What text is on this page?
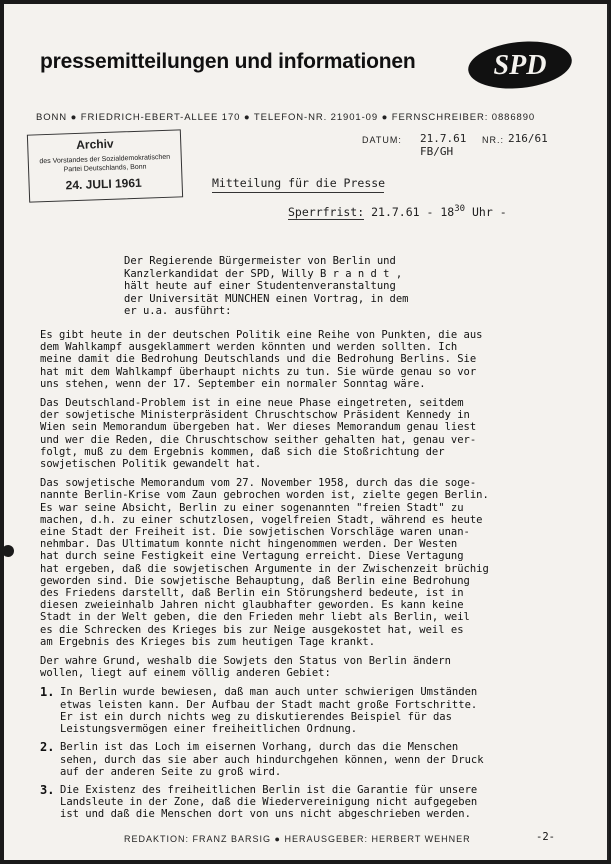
pressemitteilungen und informationen	SPD
BONN ● FRIEDRICH-EBERT-ALLEE 170 ● TELEFON-NR. 21901-09 ● FERNSCHREIBER: 0886890
Archiv
des Vorstandes der Sozialdemokratischen Partei Deutschlands, Bonn
24. JULI 1961
DATUM: 21.7.61 NR.: 216/61
FB/GH
Mitteilung für die Presse
Sperrfrist: $21.7.61 - 18^{30}$ Uhr -
Der Regierende Bürgermeister von Berlin und
Kanzlerkandidat der SPD, Willy B r a n d t ,
hält heute auf einer Studentenveranstaltung
der Universität MÜNCHEN einen Vortrag, in dem
er u.a. ausführt:
Es gibt heute in der deutschen Politik eine Reihe von Punkten, die aus
dem Wahlkampf ausgeklammert werden könnten und werden sollten. Ich
meine damit die Bedrohung Deutschlands und die Bedrohung Berlins. Sie
hat mit dem Wahlkampf überhaupt nichts zu tun. Sie würde genau so vor
uns stehen, wenn der 17. September ein normaler Sonntag wäre.
Das Deutschland-Problem ist in eine neue Phase eingetreten, seitdem
der sowjetische Ministerpräsident Chruschtschow Präsident Kennedy in
Wien sein Memorandum übergeben hat. Wer dieses Memorandum genau liest
und wer die Reden, die Chruschtschow seither gehalten hat, genau ver-
folgt, muß zu dem Ergebnis kommen, daß sich die Stoßrichtung der
sowjetischen Politik gewandelt hat.
Das sowjetische Memorandum vom 27. November 1958, durch das die soge-
nannte Berlin-Krise vom Zaun gebrochen worden ist, zielte gegen Berlin.
Es war seine Absicht, Berlin zu einer sogenannten "freien Stadt" zu
machen, d.h. zu einer schutzlosen, vogelfreien Stadt, während es heute
eine Stadt der Freiheit ist. Die sowjetischen Vorschläge waren unan-
nehmbar. Das Ultimatum konnte nicht hingenommen werden. Der Westen
hat durch seine Festigkeit eine Vertagung erreicht. Diese Vertagung
hat ergeben, daß die sowjetischen Argumente in der Zwischenzeit brüchig
geworden sind. Die sowjetische Behauptung, daß Berlin eine Bedrohung
des Friedens darstellt, daß Berlin ein Störungsherd bedeute, ist in
diesen zweieinhalb Jahren nicht glaubhafter geworden. Es kann keine
Stadt in der Welt geben, die den Frieden mehr liebt als Berlin, weil
es die Schrecken des Krieges bis zur Neige ausgekostet hat, weil es
am Ergebnis des Krieges bis zum heutigen Tage krankt.
Der wahre Grund, weshalb die Sowjets den Status von Berlin ändern
wollen, liegt auf einem völlig anderen Gebiet:
1. In Berlin wurde bewiesen, daß man auch unter schwierigen Umständen
etwas leisten kann. Der Aufbau der Stadt macht große Fortschritte.
Er ist ein durch nichts weg zu diskutierendes Beispiel für das
Leistungsvermögen einer freiheitlichen Ordnung.
2. Berlin ist das Loch im eisernen Vorhang, durch das die Menschen
sehen, durch das sie aber auch hindurchgehen können, wenn der Druck
auf der anderen Seite zu groß wird.
3. Die Existenz des freiheitlichen Berlin ist die Garantie für unsere
Landsleute in der Zone, daß die Wiedervereinigung nicht aufgegeben
ist und daß die Menschen dort von uns nicht abgeschrieben werden.
-2-
REDAKTION: FRANZ BARSIG ● HERAUSGEBER: HERBERT WEHNER
